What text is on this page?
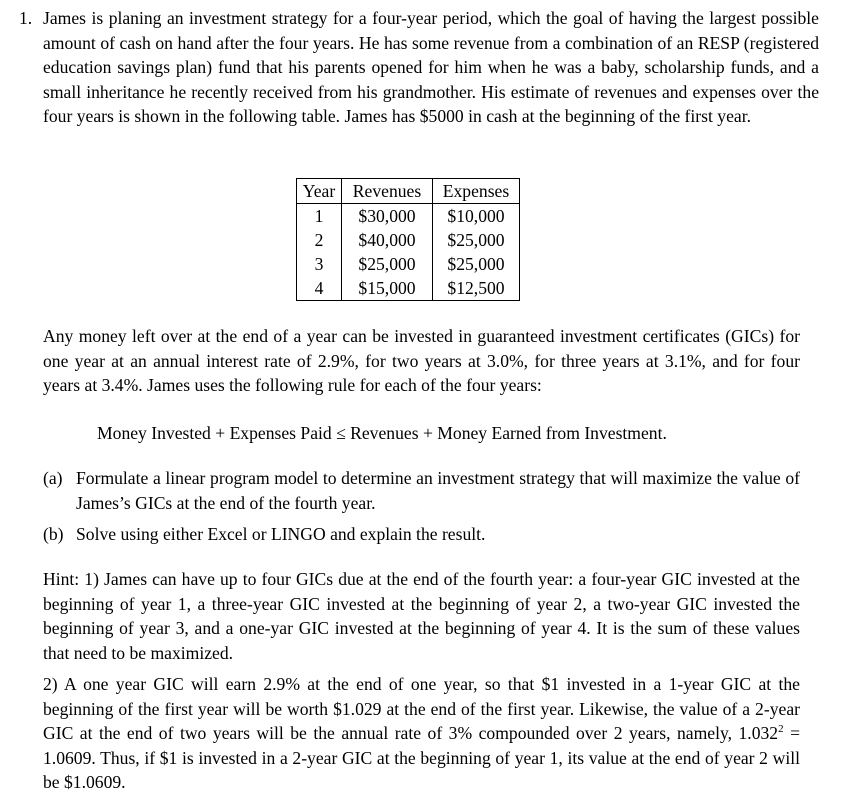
1. James is planing an investment strategy for a four-year period, which the goal of having the largest possible amount of cash on hand after the four years. He has some revenue from a combination of an RESP (registered education savings plan) fund that his parents opened for him when he was a baby, scholarship funds, and a small inheritance he recently received from his grandmother. His estimate of revenues and expenses over the four years is shown in the following table. James has $5000 in cash at the beginning of the first year.

Year	Revenues	Expenses
1	$30,000	$10,000
2	$40,000	$25,000
3	$25,000	$25,000
4	$15,000	$12,500

Any money left over at the end of a year can be invested in guaranteed investment certificates (GICs) for one year at an annual interest rate of 2.9%, for two years at 3.0%, for three years at 3.1%, and for four years at 3.4%. James uses the following rule for each of the four years:

Money Invested + Expenses Paid ≤ Revenues + Money Earned from Investment.

(a) Formulate a linear program model to determine an investment strategy that will maximize the value of James’s GICs at the end of the fourth year.
(b) Solve using either Excel or LINGO and explain the result.

Hint: 1) James can have up to four GICs due at the end of the fourth year: a four-year GIC invested at the beginning of year 1, a three-year GIC invested at the beginning of year 2, a two-year GIC invested the beginning of year 3, and a one-yar GIC invested at the beginning of year 4. It is the sum of these values that need to be maximized.

2) A one year GIC will earn 2.9% at the end of one year, so that $1 invested in a 1-year GIC at the beginning of the first year will be worth $1.029 at the end of the first year. Likewise, the value of a 2-year GIC at the end of two years will be the annual rate of 3% compounded over 2 years, namely, $1.032^2 = 1.0609$. Thus, if $1 is invested in a 2-year GIC at the beginning of year 1, its value at the end of year 2 will be $1.0609.
